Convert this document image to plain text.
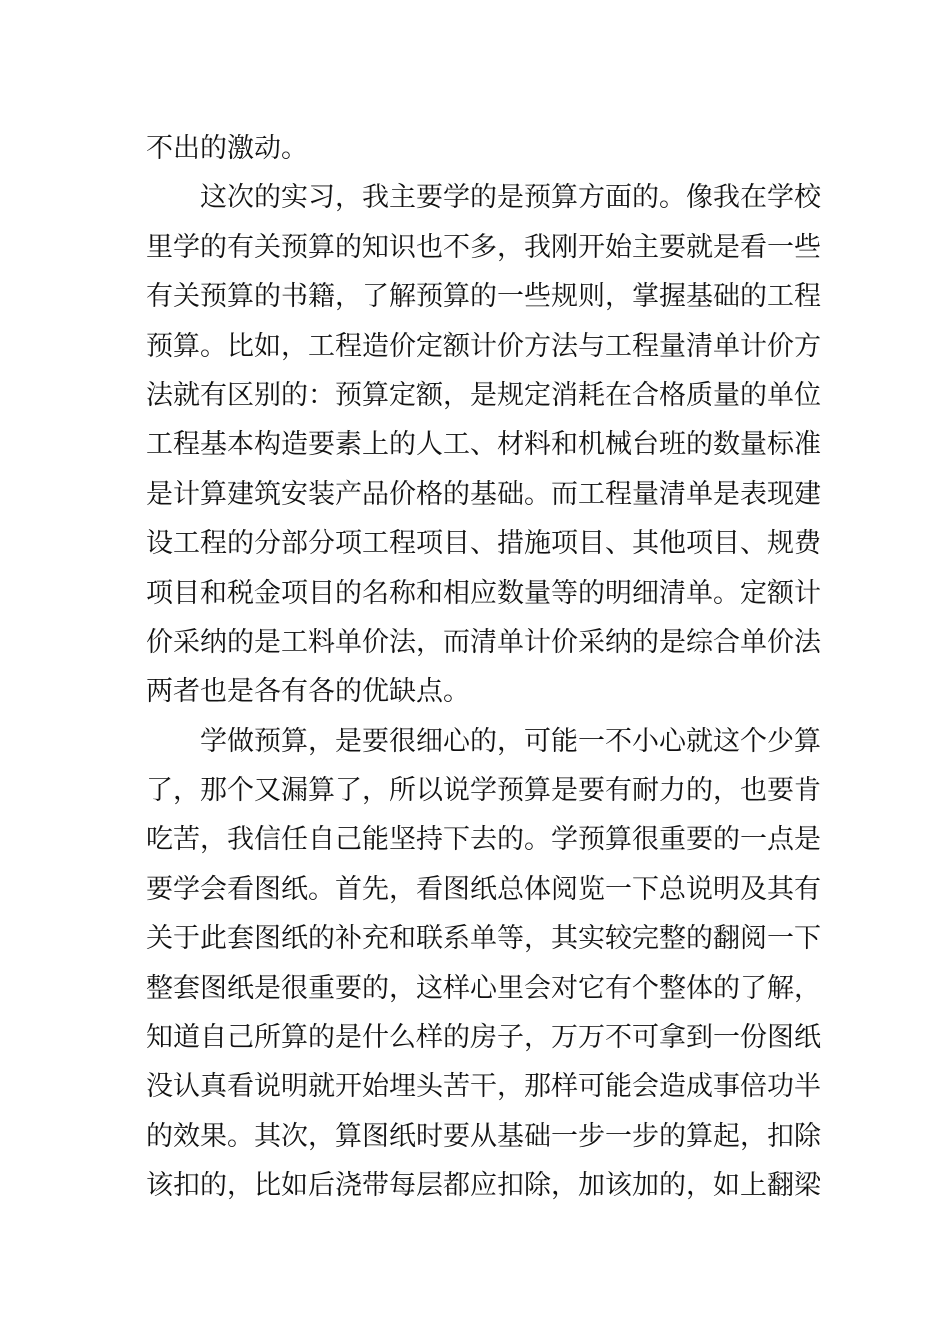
不出的激动。
这次的实习，我主要学的是预算方面的。像我在学校
里学的有关预算的知识也不多，我刚开始主要就是看一些
有关预算的书籍，了解预算的一些规则，掌握基础的工程
预算。比如，工程造价定额计价方法与工程量清单计价方
法就有区别的：预算定额，是规定消耗在合格质量的单位
工程基本构造要素上的人工、材料和机械台班的数量标准
是计算建筑安装产品价格的基础。而工程量清单是表现建
设工程的分部分项工程项目、措施项目、其他项目、规费
项目和税金项目的名称和相应数量等的明细清单。定额计
价采纳的是工料单价法，而清单计价采纳的是综合单价法
两者也是各有各的优缺点。
学做预算，是要很细心的，可能一不小心就这个少算
了，那个又漏算了，所以说学预算是要有耐力的，也要肯
吃苦，我信任自己能坚持下去的。学预算很重要的一点是
要学会看图纸。首先，看图纸总体阅览一下总说明及其有
关于此套图纸的补充和联系单等，其实较完整的翻阅一下
整套图纸是很重要的，这样心里会对它有个整体的了解，
知道自己所算的是什么样的房子，万万不可拿到一份图纸
没认真看说明就开始埋头苦干，那样可能会造成事倍功半
的效果。其次，算图纸时要从基础一步一步的算起，扣除
该扣的，比如后浇带每层都应扣除，加该加的，如上翻梁
